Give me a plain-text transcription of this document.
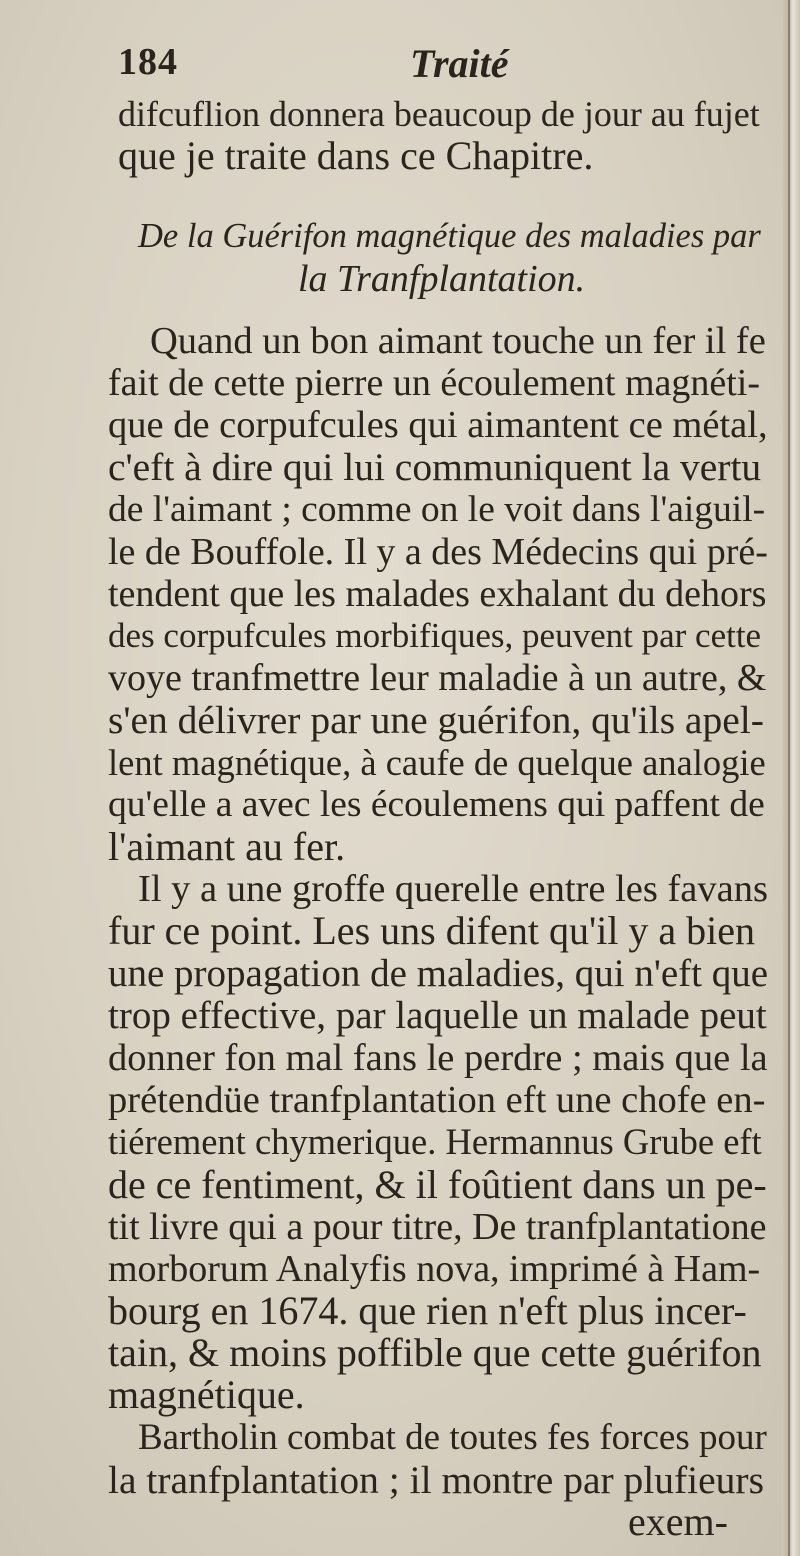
184	Traité
difcuflion donnera beaucoup de jour au fujet
que je traite dans ce Chapitre.
De la Guérifon magnétique des maladies par
la Tranfplantation.
Quand un bon aimant touche un fer il fe
fait de cette pierre un écoulement magnéti-
que de corpufcules qui aimantent ce métal,
c'eft à dire qui lui communiquent la vertu
de l'aimant ; comme on le voit dans l'aiguil-
le de Bouffole. Il y a des Médecins qui pré-
tendent que les malades exhalant du dehors
des corpufcules morbifiques, peuvent par cette
voye tranfmettre leur maladie à un autre, &
s'en délivrer par une guérifon, qu'ils apel-
lent magnétique, à caufe de quelque analogie
qu'elle a avec les écoulemens qui paffent de
l'aimant au fer.
Il y a une groffe querelle entre les favans
fur ce point. Les uns difent qu'il y a bien
une propagation de maladies, qui n'eft que
trop effective, par laquelle un malade peut
donner fon mal fans le perdre ; mais que la
prétendüe tranfplantation eft une chofe en-
tiérement chymerique. Hermannus Grube eft
de ce fentiment, & il foûtient dans un pe-
tit livre qui a pour titre, De tranfplantatione
morborum Analyfis nova, imprimé à Ham-
bourg en 1674. que rien n'eft plus incer-
tain, & moins poffible que cette guérifon
magnétique.
Bartholin combat de toutes fes forces pour
la tranfplantation ; il montre par plufieurs
exem-
